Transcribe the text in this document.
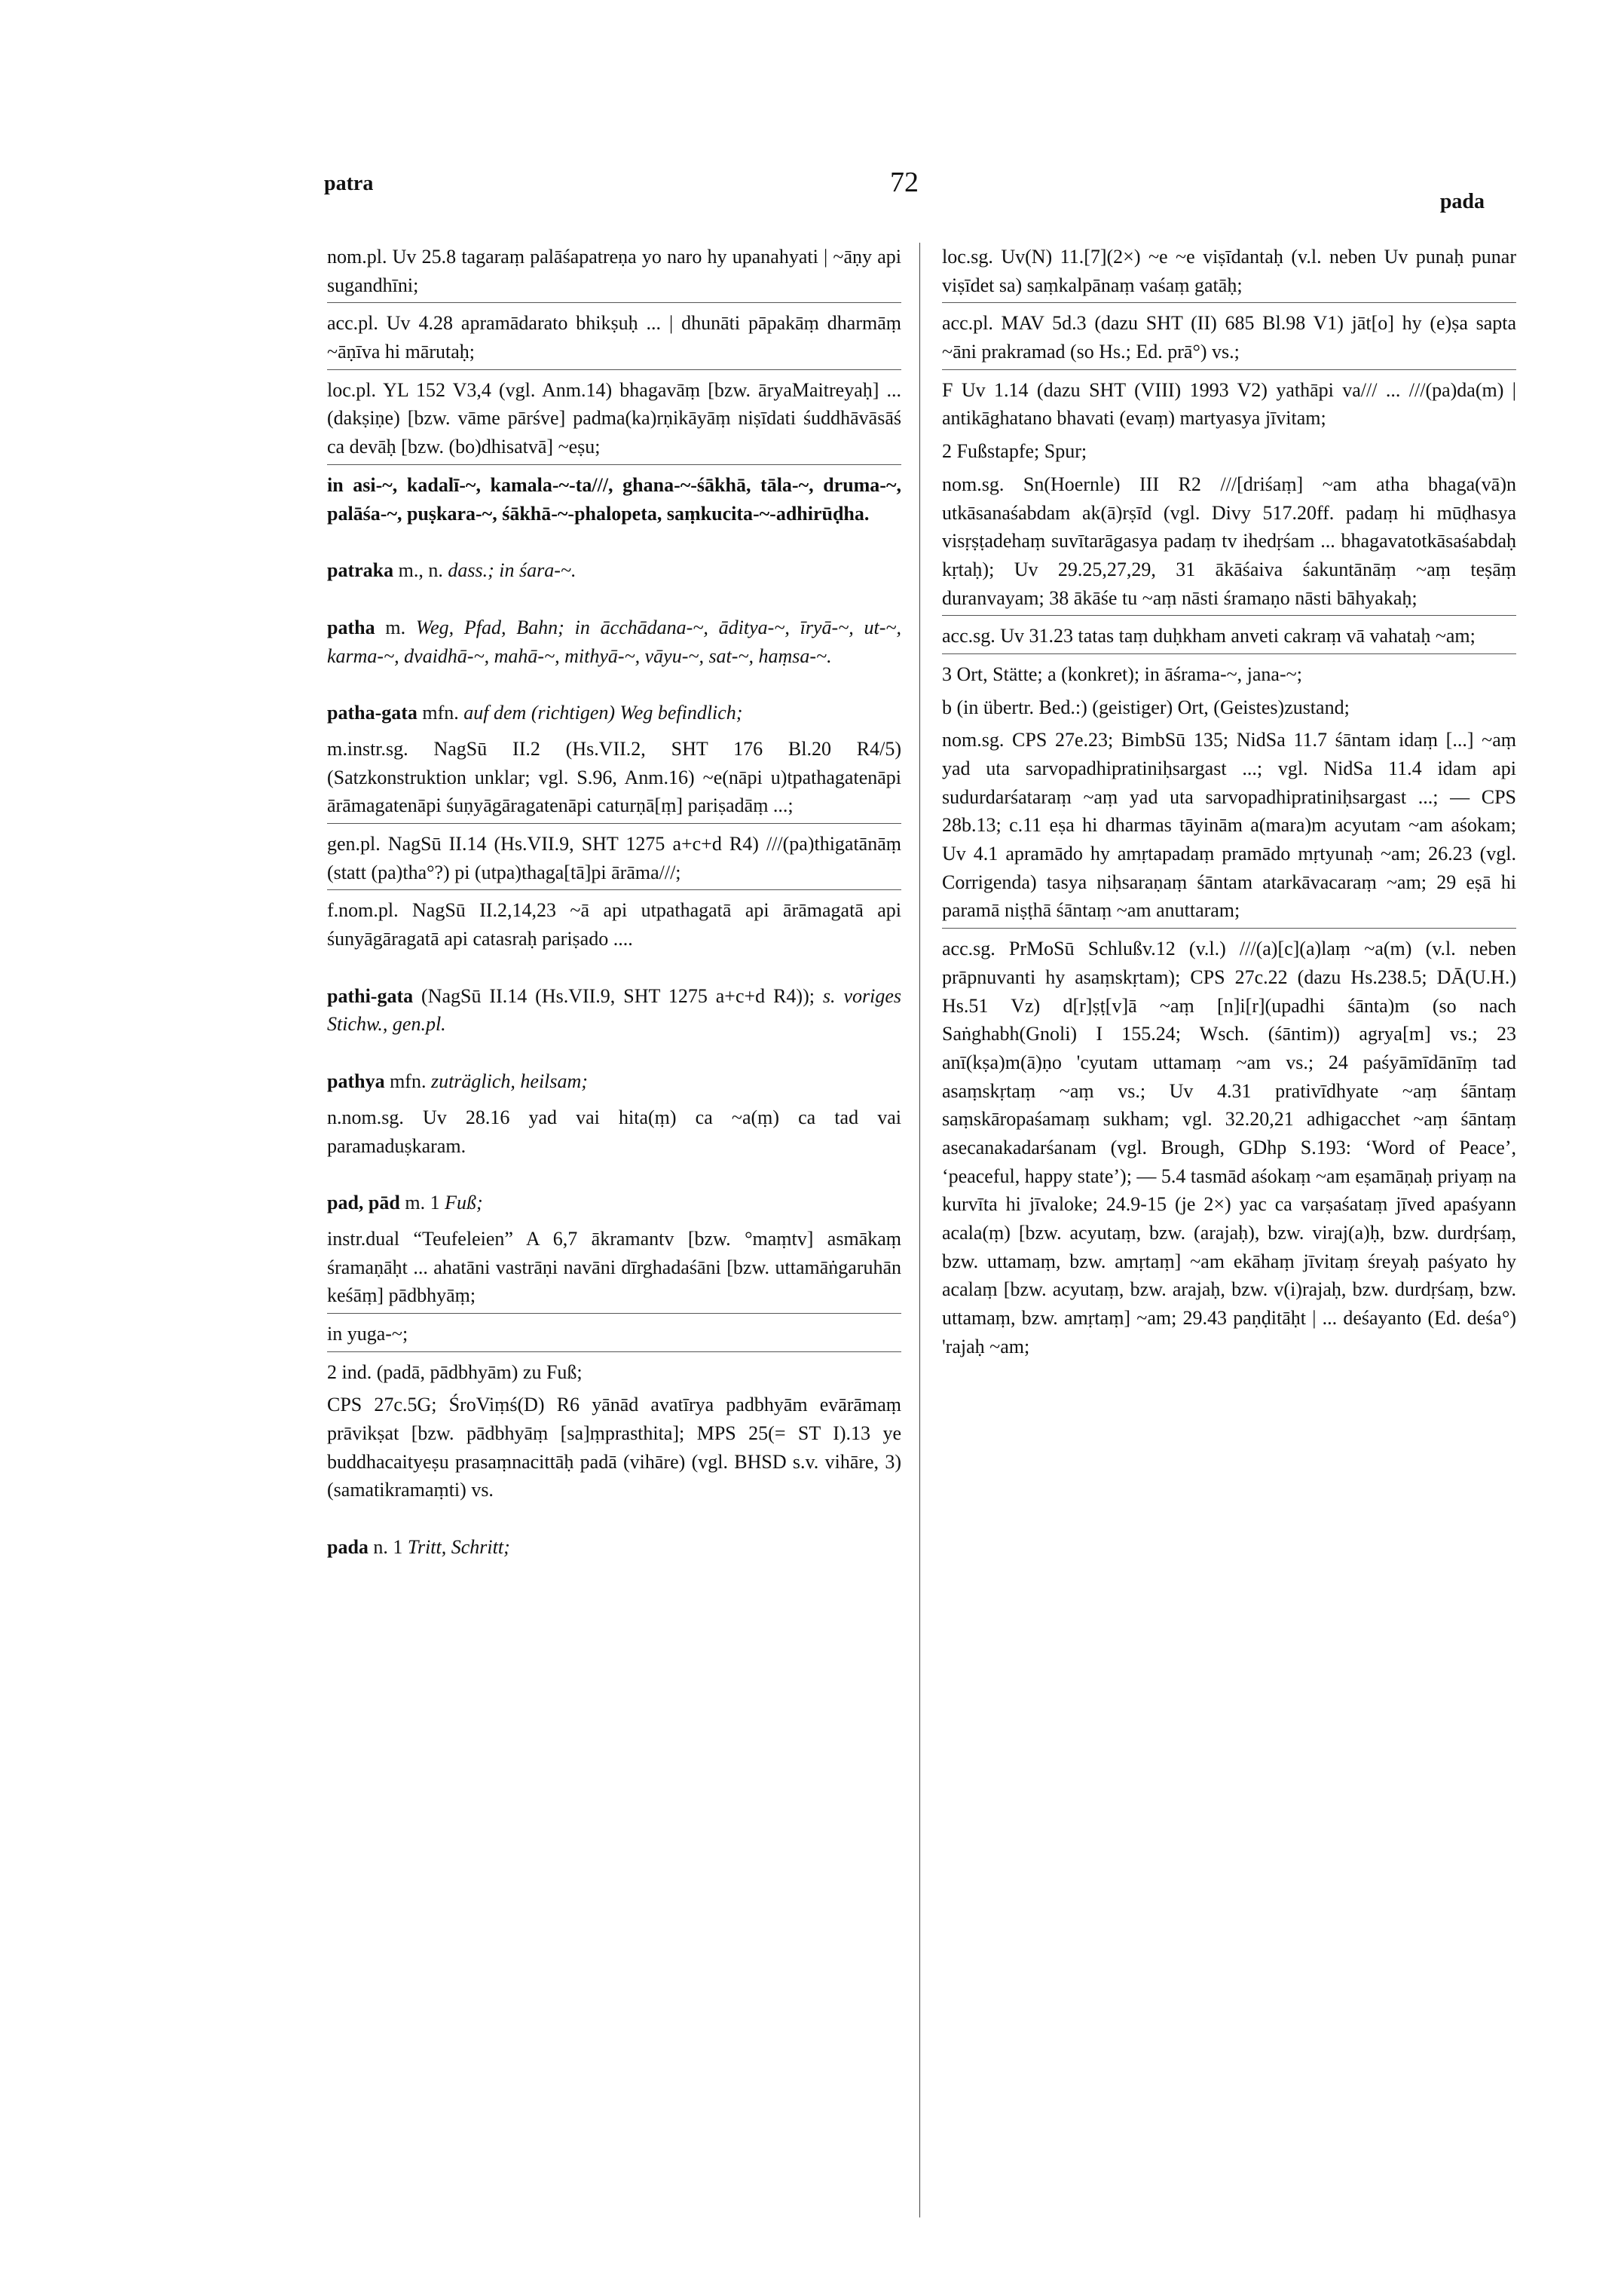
patra	72
pada

nom.pl. Uv 25.8 tagaraṃ palāśapatreṇa yo naro hy upanahyati | ~āṇy api sugandhīni;

acc.pl. Uv 4.28 apramādarato bhikṣuḥ ... | dhunāti pāpakāṃ dharmāṃ ~āṇīva hi mārutaḥ;

loc.pl. YL 152 V3,4 (vgl. Anm.14) bhagavāṃ [bzw. āryaMaitreyaḥ] ... (dakṣiṇe) [bzw. vāme pārśve] padma(ka)rṇikāyāṃ niṣīdati śuddhāvāsāś ca devāḥ [bzw. (bo)dhisatvā] ~eṣu;

in asi-~, kadalī-~, kamala-~-ta///, ghana-~-śākhā, tāla-~, druma-~, palāśa-~, puṣkara-~, śākhā-~-phalopeta, saṃkucita-~-adhirūḍha.

patraka m., n. dass.; in śara-~.

patha m. Weg, Pfad, Bahn; in ācchādana-~, āditya-~, īryā-~, ut-~, karma-~, dvaidhā-~, mahā-~, mithyā-~, vāyu-~, sat-~, haṃsa-~.

patha-gata mfn. auf dem (richtigen) Weg befindlich;

m.instr.sg. NagSū II.2 (Hs.VII.2, SHT 176 Bl.20 R4/5) (Satzkonstruktion unklar; vgl. S.96, Anm.16) ~e(nāpi u)tpathagatenāpi ārāmagatenāpi śuṇyāgāragatenāpi caturṇā[ṃ] pariṣadāṃ ...;

gen.pl. NagSū II.14 (Hs.VII.9, SHT 1275 a+c+d R4) ///(pa)thigatānāṃ (statt (pa)tha°?) pi (utpa)thaga[tā]pi ārāma///;

f.nom.pl. NagSū II.2,14,23 ~ā api utpathagatā api ārāmagatā api śunyāgāragatā api catasraḥ pariṣado ....

pathi-gata (NagSū II.14 (Hs.VII.9, SHT 1275 a+c+d R4)); s. voriges Stichw., gen.pl.

pathya mfn. zuträglich, heilsam;

n.nom.sg. Uv 28.16 yad vai hita(ṃ) ca ~a(ṃ) ca tad vai paramaduṣkaram.

pad, pād m. 1 Fuß;

instr.dual “Teufeleien” A 6,7 ākramantv [bzw. °maṃtv] asmākaṃ śramaṇāḥt ... ahatāni vastrāṇi navāni dīrghadaśāni [bzw. uttamāṅgaruhān keśāṃ] pādbhyāṃ;

in yuga-~;

2 ind. (padā, pādbhyām) zu Fuß;

CPS 27c.5G; ŚroViṃś(D) R6 yānād avatīrya padbhyām evārāmaṃ prāvikṣat [bzw. pādbhyāṃ [sa]ṃprasthita]; MPS 25(= ST I).13 ye buddhacaityeṣu prasaṃnacittāḥ padā (vihāre) (vgl. BHSD s.v. vihāre, 3) (samatikramaṃti) vs.

pada n. 1 Tritt, Schritt;

loc.sg. Uv(N) 11.[7](2×) ~e ~e viṣīdantaḥ (v.l. neben Uv punaḥ punar viṣīdet sa) saṃkalpānaṃ vaśaṃ gatāḥ;

acc.pl. MAV 5d.3 (dazu SHT (II) 685 Bl.98 V1) jāt[o] hy (e)ṣa sapta ~āni prakramad (so Hs.; Ed. prā°) vs.;

F Uv 1.14 (dazu SHT (VIII) 1993 V2) yathāpi va/// ... ///(pa)da(m) | antikāghatano bhavati (evaṃ) martyasya jīvitam;

2 Fußstapfe; Spur;

nom.sg. Sn(Hoernle) III R2 ///[driśaṃ] ~am atha bhaga(vā)n utkāsanaśabdam ak(ā)rṣīd (vgl. Divy 517.20ff. padaṃ hi mūḍhasya visṛṣṭadehaṃ suvītarāgasya padaṃ tv ihedṛśam ... bhagavatotkāsaśabdaḥ kṛtaḥ); Uv 29.25,27,29, 31 ākāśaiva śakuntānāṃ ~aṃ teṣāṃ duranvayam; 38 ākāśe tu ~aṃ nāsti śramaṇo nāsti bāhyakaḥ;

acc.sg. Uv 31.23 tatas taṃ duḥkham anveti cakraṃ vā vahataḥ ~am;

3 Ort, Stätte; a (konkret); in āśrama-~, jana-~;

b (in übertr. Bed.:) (geistiger) Ort, (Geistes)zustand;

nom.sg. CPS 27e.23; BimbSū 135; NidSa 11.7 śāntam idaṃ [...] ~aṃ yad uta sarvopadhipratiniḥsargast ...; vgl. NidSa 11.4 idam api sudurdarśataraṃ ~aṃ yad uta sarvopadhipratiniḥsargast ...; — CPS 28b.13; c.11 eṣa hi dharmas tāyinām a(mara)m acyutam ~am aśokam; Uv 4.1 apramādo hy amṛtapadaṃ pramādo mṛtyunaḥ ~am; 26.23 (vgl. Corrigenda) tasya niḥsaraṇaṃ śāntam atarkāvacaraṃ ~am; 29 eṣā hi paramā niṣṭhā śāntaṃ ~am anuttaram;

acc.sg. PrMoSū Schlußv.12 (v.l.) ///(a)[c](a)laṃ ~a(m) (v.l. neben prāpnuvanti hy asaṃskṛtam); CPS 27c.22 (dazu Hs.238.5; DĀ(U.H.) Hs.51 Vz) d[r]ṣṭ[v]ā ~aṃ [n]i[r](upadhi śānta)m (so nach Saṅghabh(Gnoli) I 155.24; Wsch. (śāntim)) agrya[m] vs.; 23 anī(kṣa)m(ā)ṇo 'cyutam uttamaṃ ~am vs.; 24 paśyāmīdānīṃ tad asaṃskṛtaṃ ~aṃ vs.; Uv 4.31 prativīdhyate ~aṃ śāntaṃ saṃskāropaśamaṃ sukham; vgl. 32.20,21 adhigacchet ~aṃ śāntaṃ asecanakadarśanam (vgl. Brough, GDhp S.193: ‘Word of Peace’, ‘peaceful, happy state’); — 5.4 tasmād aśokaṃ ~am eṣamāṇaḥ priyaṃ na kurvīta hi jīvaloke; 24.9-15 (je 2×) yac ca varṣaśataṃ jīved apaśyann acala(ṃ) [bzw. acyutaṃ, bzw. (arajaḥ), bzw. viraj(a)ḥ, bzw. durdṛśaṃ, bzw. uttamaṃ, bzw. amṛtaṃ] ~am ekāhaṃ jīvitaṃ śreyaḥ paśyato hy acalaṃ [bzw. acyutaṃ, bzw. arajaḥ, bzw. v(i)rajaḥ, bzw. durdṛśaṃ, bzw. uttamaṃ, bzw. amṛtaṃ] ~am; 29.43 paṇḍitāḥt | ... deśayanto (Ed. deśa°) 'rajaḥ ~am;
